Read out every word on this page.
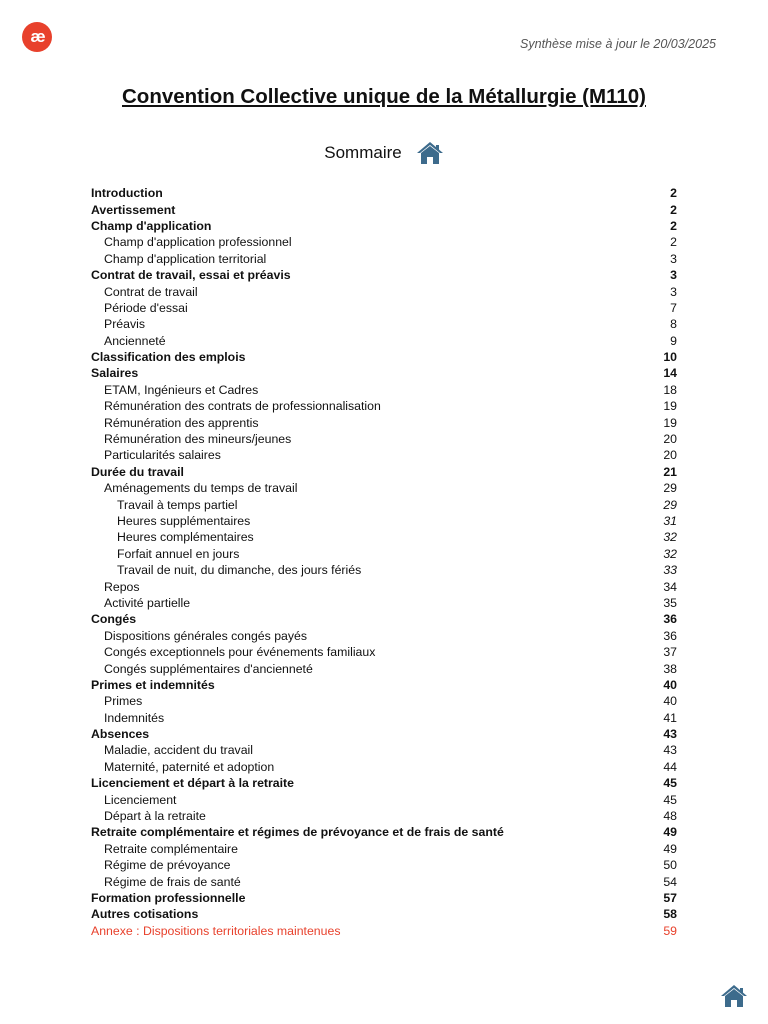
æ	Synthèse mise à jour le 20/03/2025
Convention Collective unique de la Métallurgie (M110)
Sommaire
Introduction	2
Avertissement	2
Champ d'application	2
Champ d'application professionnel	2
Champ d'application territorial	3
Contrat de travail, essai et préavis	3
Contrat de travail	3
Période d'essai	7
Préavis	8
Ancienneté	9
Classification des emplois	10
Salaires	14
ETAM, Ingénieurs et Cadres	18
Rémunération des contrats de professionnalisation	19
Rémunération des apprentis	19
Rémunération des mineurs/jeunes	20
Particularités salaires	20
Durée du travail	21
Aménagements du temps de travail	29
Travail à temps partiel	29
Heures supplémentaires	31
Heures complémentaires	32
Forfait annuel en jours	32
Travail de nuit, du dimanche, des jours fériés	33
Repos	34
Activité partielle	35
Congés	36
Dispositions générales congés payés	36
Congés exceptionnels pour événements familiaux	37
Congés supplémentaires d'ancienneté	38
Primes et indemnités	40
Primes	40
Indemnités	41
Absences	43
Maladie, accident du travail	43
Maternité, paternité et adoption	44
Licenciement et départ à la retraite	45
Licenciement	45
Départ à la retraite	48
Retraite complémentaire et régimes de prévoyance et de frais de santé	49
Retraite complémentaire	49
Régime de prévoyance	50
Régime de frais de santé	54
Formation professionnelle	57
Autres cotisations	58
Annexe : Dispositions territoriales maintenues	59
